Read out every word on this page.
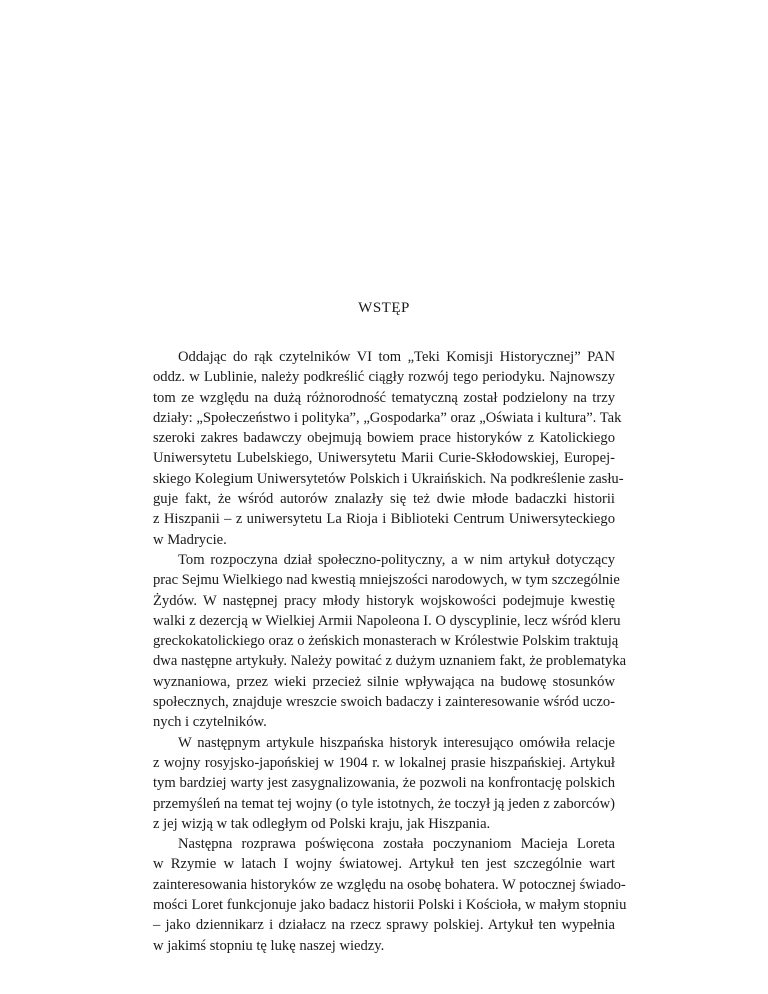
WSTĘP
Oddając do rąk czytelników VI tom „Teki Komisji Historycznej” PAN
oddz. w Lublinie, należy podkreślić ciągły rozwój tego periodyku. Najnowszy
tom ze względu na dużą różnorodność tematyczną został podzielony na trzy
działy: „Społeczeństwo i polityka”, „Gospodarka” oraz „Oświata i kultura”. Tak
szeroki zakres badawczy obejmują bowiem prace historyków z Katolickiego
Uniwersytetu Lubelskiego, Uniwersytetu Marii Curie-Skłodowskiej, Europej-
skiego Kolegium Uniwersytetów Polskich i Ukraińskich. Na podkreślenie zasłu-
guje fakt, że wśród autorów znalazły się też dwie młode badaczki historii
z Hiszpanii – z uniwersytetu La Rioja i Biblioteki Centrum Uniwersyteckiego
w Madrycie.
Tom rozpoczyna dział społeczno-polityczny, a w nim artykuł dotyczący
prac Sejmu Wielkiego nad kwestią mniejszości narodowych, w tym szczególnie
Żydów. W następnej pracy młody historyk wojskowości podejmuje kwestię
walki z dezercją w Wielkiej Armii Napoleona I. O dyscyplinie, lecz wśród kleru
greckokatolickiego oraz o żeńskich monasterach w Królestwie Polskim traktują
dwa następne artykuły. Należy powitać z dużym uznaniem fakt, że problematyka
wyznaniowa, przez wieki przecież silnie wpływająca na budowę stosunków
społecznych, znajduje wreszcie swoich badaczy i zainteresowanie wśród uczo-
nych i czytelników.
W następnym artykule hiszpańska historyk interesująco omówiła relacje
z wojny rosyjsko-japońskiej w 1904 r. w lokalnej prasie hiszpańskiej. Artykuł
tym bardziej warty jest zasygnalizowania, że pozwoli na konfrontację polskich
przemyśleń na temat tej wojny (o tyle istotnych, że toczył ją jeden z zaborców)
z jej wizją w tak odległym od Polski kraju, jak Hiszpania.
Następna rozprawa poświęcona została poczynaniom Macieja Loreta
w Rzymie w latach I wojny światowej. Artykuł ten jest szczególnie wart
zainteresowania historyków ze względu na osobę bohatera. W potocznej świado-
mości Loret funkcjonuje jako badacz historii Polski i Kościoła, w małym stopniu
– jako dziennikarz i działacz na rzecz sprawy polskiej. Artykuł ten wypełnia
w jakimś stopniu tę lukę naszej wiedzy.
